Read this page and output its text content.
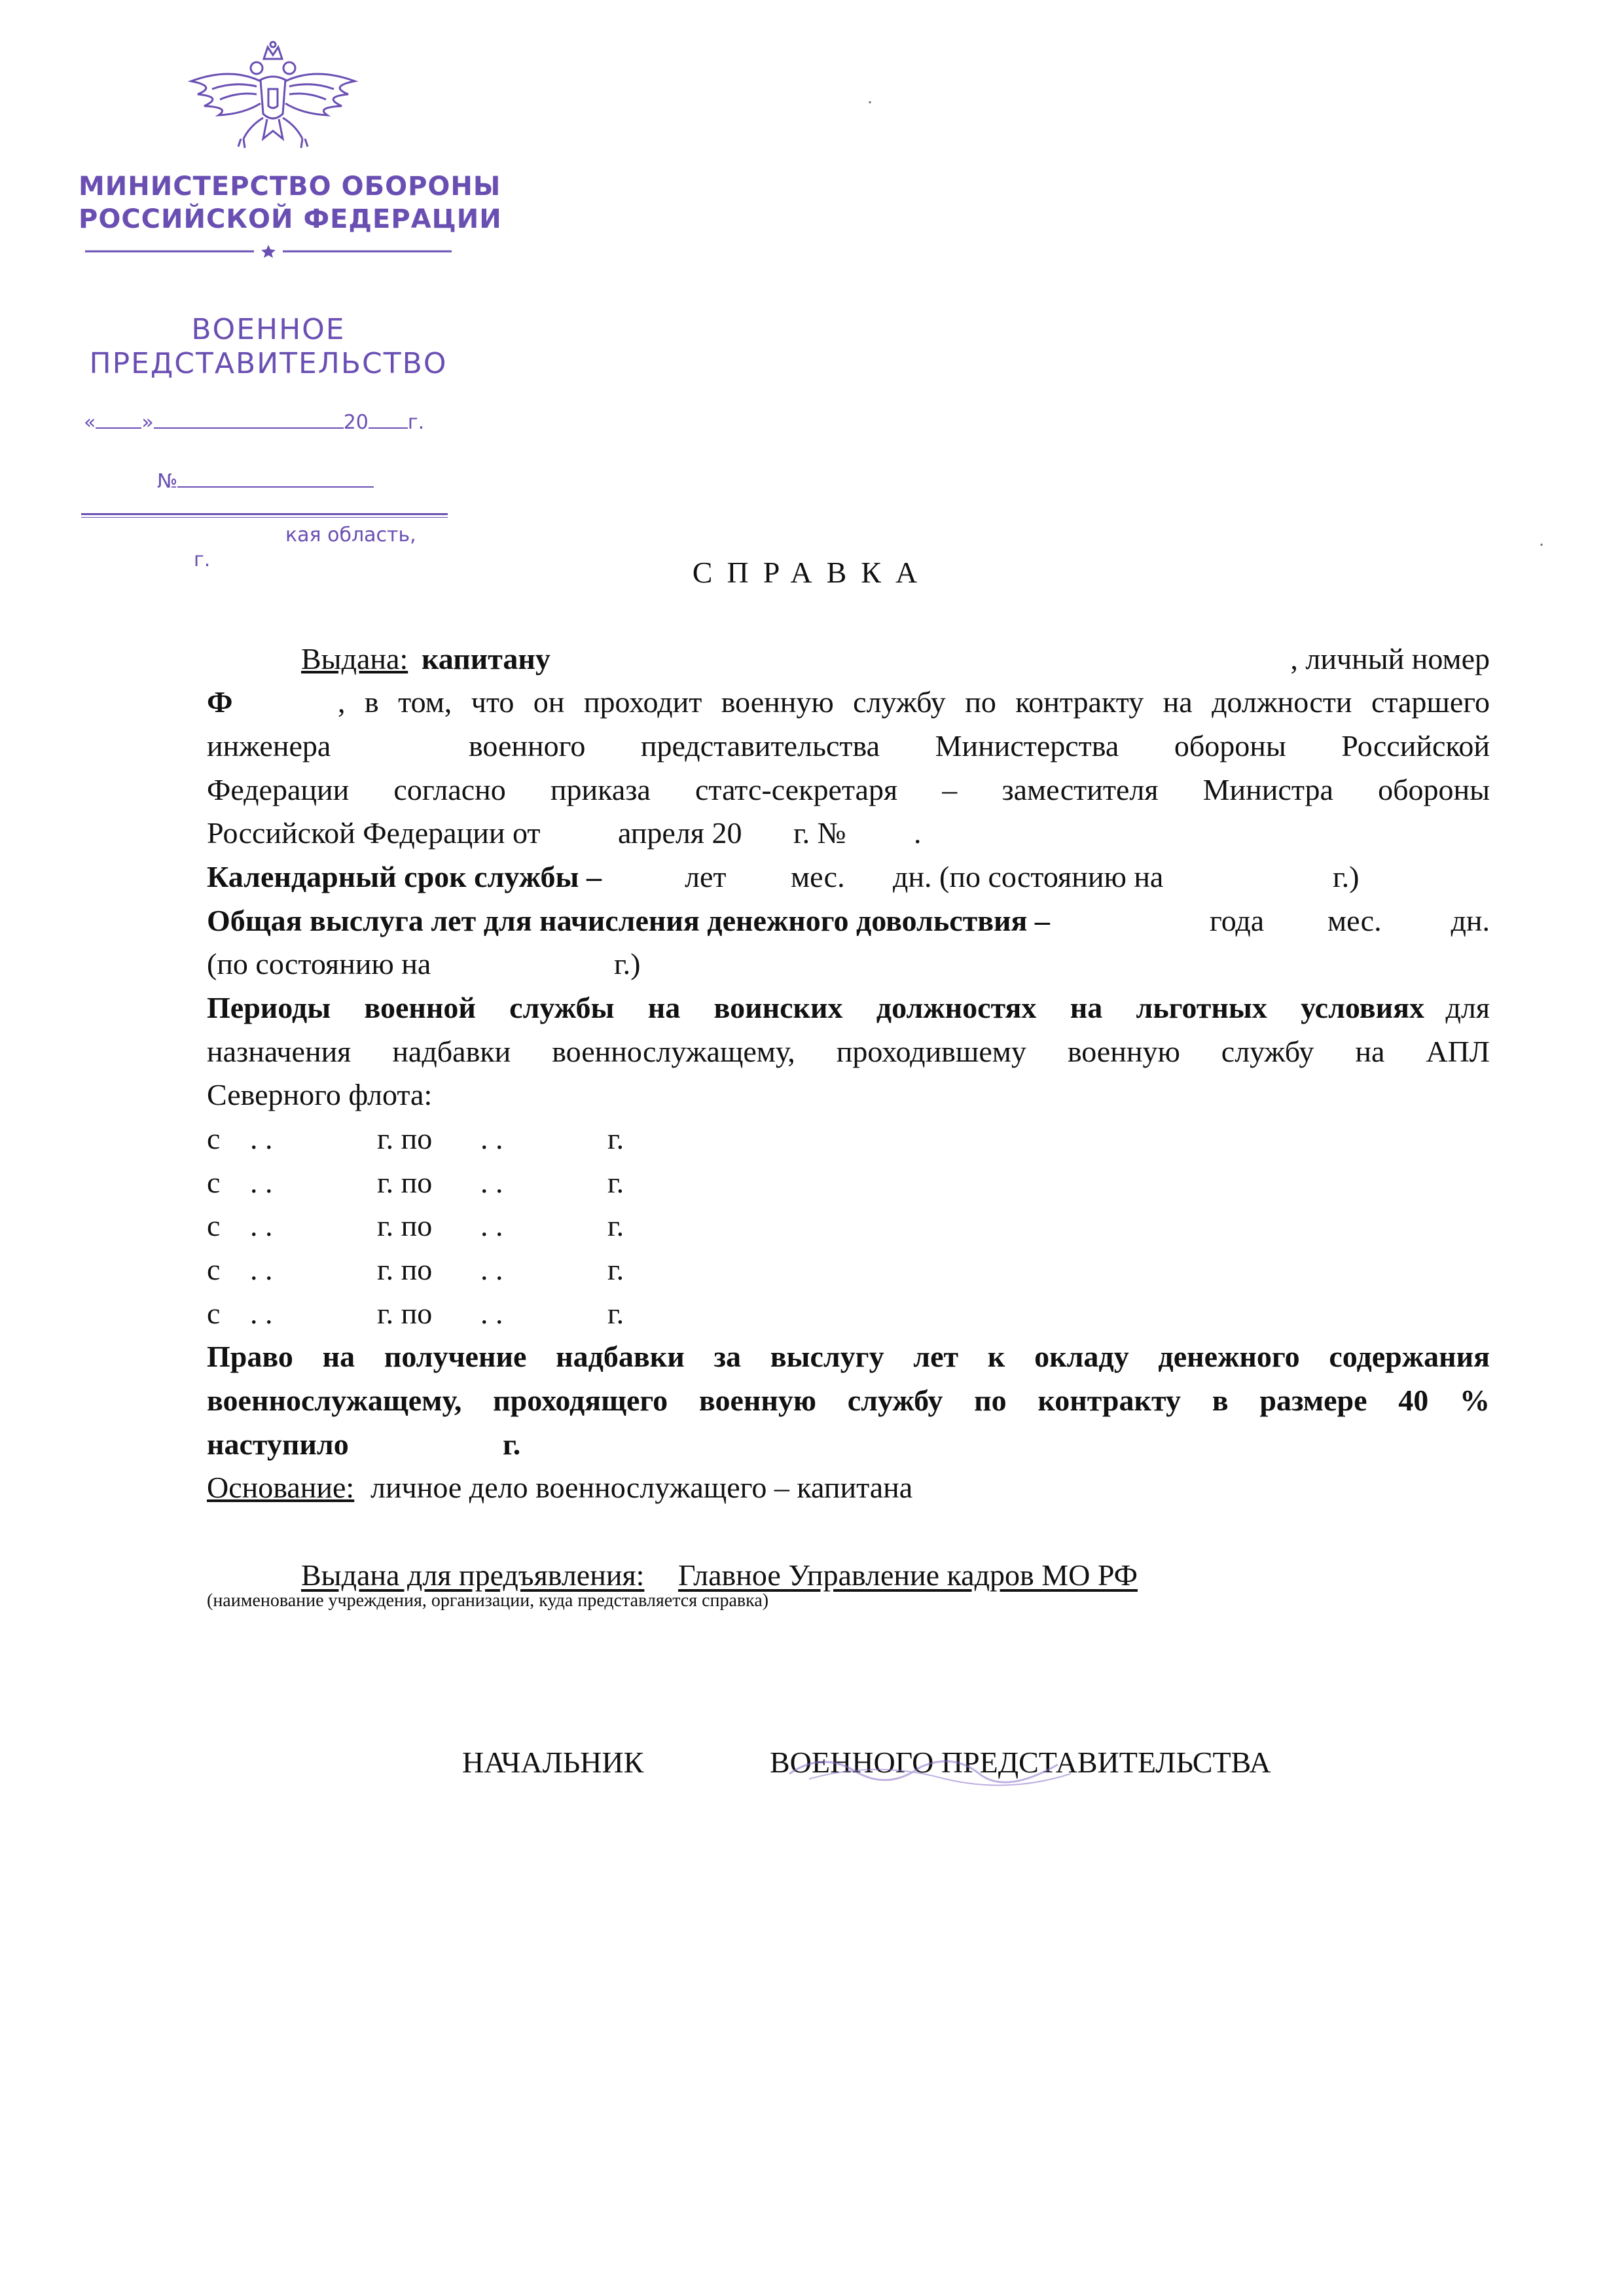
МИНИСТЕРСТВО ОБОРОНЫ
РОССИЙСКОЙ ФЕДЕРАЦИИ
ВОЕННОЕ
ПРЕДСТАВИТЕЛЬСТВО
« »	20 г.
№
кая область,
г.	СПРАВКА
Выдана: капитану	, личный номер
Ф	, в том, что он проходит военную службу по контракту на должности старшего
инженера	военного представительства Министерства обороны Российской
Федерации согласно приказа статс-секретаря – заместителя Министра обороны
Российской Федерации от	апреля 20 г. № .
Календарный срок службы –	лет мес. дн. (по состоянию на	г.)
Общая выслуга лет для начисления денежного довольствия –	года мес. дн.
(по состоянию на	г.)
Периоды военной службы на воинских должностях на льготных условиях для
назначения надбавки военнослужащему, проходившему военную службу на АПЛ
Северного флота:
с . .	г. по . .	г.
с . .	г. по . .	г.
с . .	г. по . .	г.
с . .	г. по . .	г.
с . .	г. по . .	г.
Право на получение надбавки за выслугу лет к окладу денежного содержания
военнослужащему, проходящего военную службу по контракту в размере 40 %
наступило	г.
Основание: личное дело военнослужащего – капитана
Выдана для предъявления: Главное Управление кадров МО РФ
(наименование учреждения, организации, куда представляется справка)
НАЧАЛЬНИК	ВОЕННОГО ПРЕДСТАВИТЕЛЬСТВА
·
·
